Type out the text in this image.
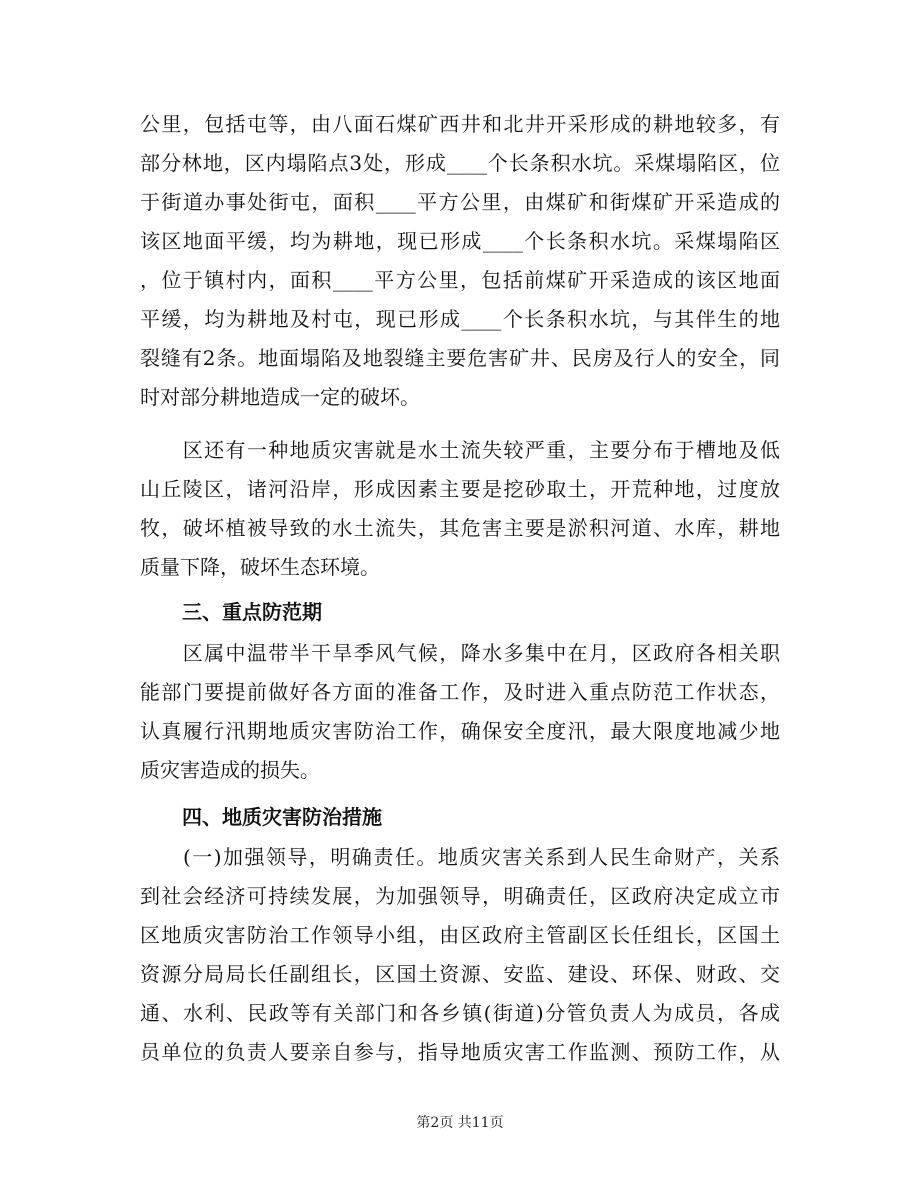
公里，包括屯等，由八面石煤矿西井和北井开采形成的耕地较多，有
部分林地，区内塌陷点3处，形成____个长条积水坑。采煤塌陷区，位
于街道办事处街屯，面积____平方公里，由煤矿和街煤矿开采造成的
该区地面平缓，均为耕地，现已形成____个长条积水坑。采煤塌陷区
，位于镇村内，面积____平方公里，包括前煤矿开采造成的该区地面
平缓，均为耕地及村屯，现已形成____个长条积水坑，与其伴生的地
裂缝有2条。地面塌陷及地裂缝主要危害矿井、民房及行人的安全，同
时对部分耕地造成一定的破坏。
　　区还有一种地质灾害就是水土流失较严重，主要分布于槽地及低
山丘陵区，诸河沿岸，形成因素主要是挖砂取土，开荒种地，过度放
牧，破坏植被导致的水土流失，其危害主要是淤积河道、水库，耕地
质量下降，破坏生态环境。
三、重点防范期
　　区属中温带半干旱季风气候，降水多集中在月，区政府各相关职
能部门要提前做好各方面的准备工作，及时进入重点防范工作状态，
认真履行汛期地质灾害防治工作，确保安全度汛，最大限度地减少地
质灾害造成的损失。
四、地质灾害防治措施
　　(一)加强领导，明确责任。地质灾害关系到人民生命财产，关系
到社会经济可持续发展，为加强领导，明确责任，区政府决定成立市
区地质灾害防治工作领导小组，由区政府主管副区长任组长，区国土
资源分局局长任副组长，区国土资源、安监、建设、环保、财政、交
通、水利、民政等有关部门和各乡镇(街道)分管负责人为成员，各成
员单位的负责人要亲自参与，指导地质灾害工作监测、预防工作，从
第2页 共11页
